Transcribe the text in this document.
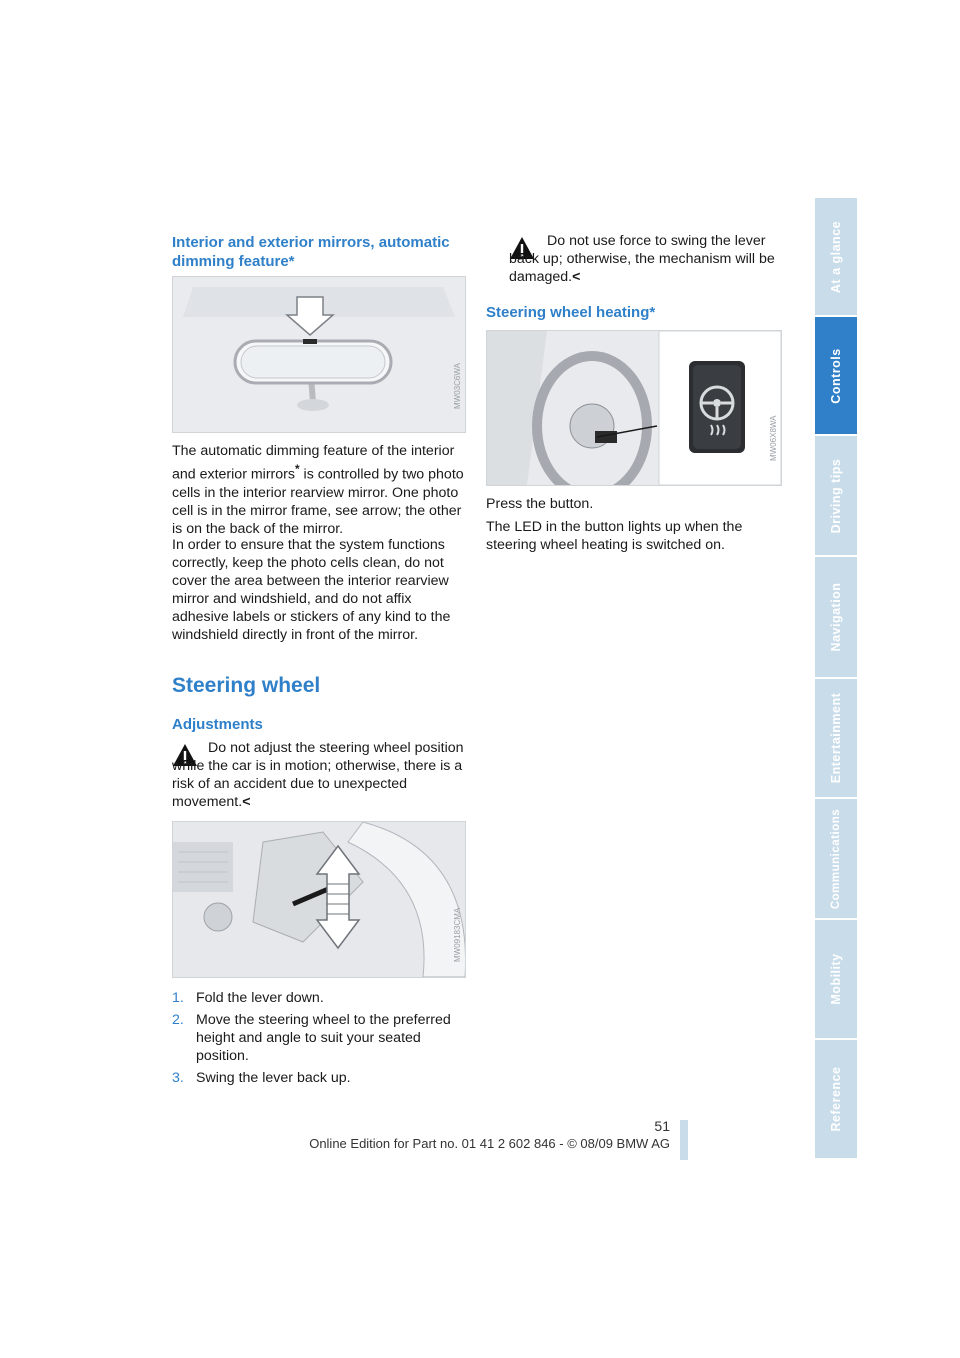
Interior and exterior mirrors, automatic dimming feature*
MW03C6WA
The automatic dimming feature of the interior and exterior mirrors* is controlled by two photo cells in the interior rearview mirror. One photo cell is in the mirror frame, see arrow; the other is on the back of the mirror.
In order to ensure that the system functions correctly, keep the photo cells clean, do not cover the area between the interior rearview mirror and windshield, and do not affix adhesive labels or stickers of any kind to the windshield directly in front of the mirror.
Steering wheel
Adjustments
Do not adjust the steering wheel position while the car is in motion; otherwise, there is a risk of an accident due to unexpected movement.<
MW09183CMA
1. Fold the lever down.
2. Move the steering wheel to the preferred height and angle to suit your seated position.
3. Swing the lever back up.
Do not use force to swing the lever back up; otherwise, the mechanism will be damaged.<
Steering wheel heating*
MW06X8WA
Press the button.
The LED in the button lights up when the steering wheel heating is switched on.
At a glance
Controls
Driving tips
Navigation
Entertainment
Communications
Mobility
Reference
51
Online Edition for Part no. 01 41 2 602 846 - © 08/09 BMW AG
